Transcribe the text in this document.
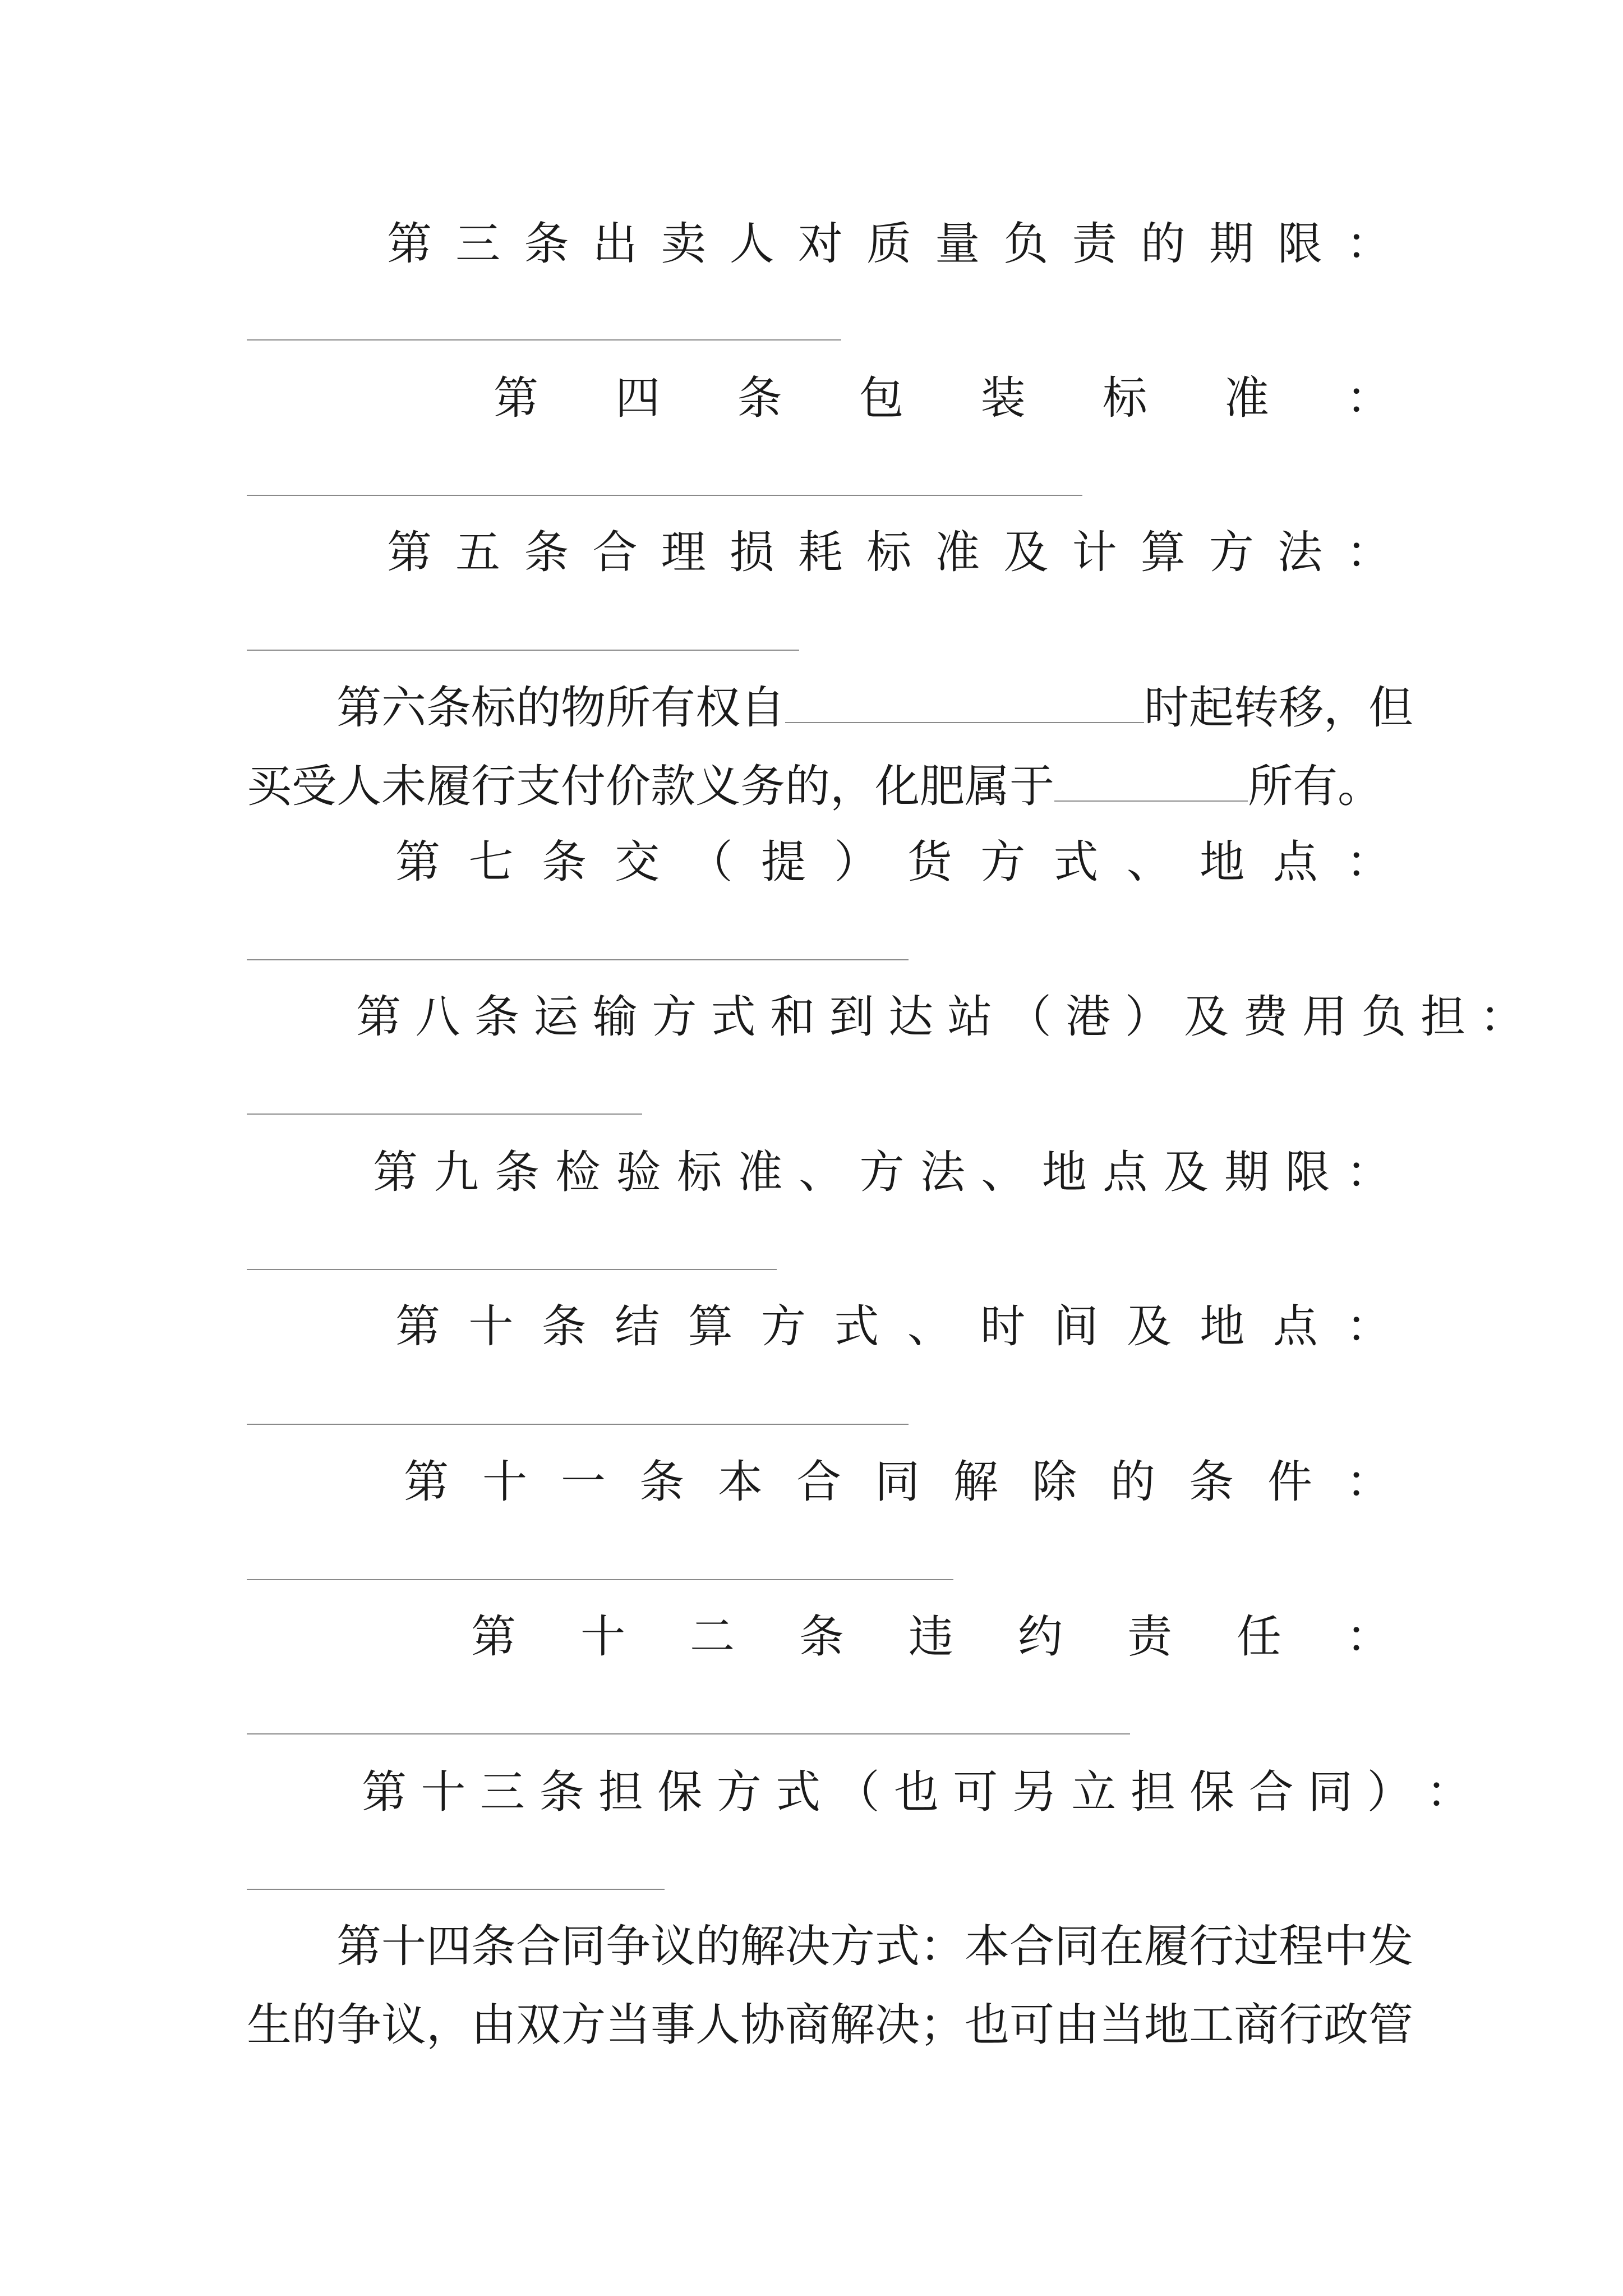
第 三 条 出 卖 人 对 质 量 负 责 的 期 限 ：
第 四 条 包 装 标 准 ：
第 五 条 合 理 损 耗 标 准 及 计 算 方 法 ：
第六条标的物所有权自	时起转移，但
买受人未履行支付价款义务的，化肥属于	所有。
第 七 条 交 （ 提 ） 货 方 式 、 地 点 ：
第 八 条 运 输 方 式 和 到 达 站 （ 港 ） 及 费 用 负 担 ：
第 九 条 检 验 标 准 、 方 法 、 地 点 及 期 限 ：
第 十 条 结 算 方 式 、 时 间 及 地 点 ：
第 十 一 条 本 合 同 解 除 的 条 件 ：
第 十 二 条 违 约 责 任 ：
第 十 三 条 担 保 方 式 （ 也 可 另 立 担 保 合 同 ） ：
第十四条合同争议的解决方式：本合同在履行过程中发
生的争议，由双方当事人协商解决；也可由当地工商行政管
